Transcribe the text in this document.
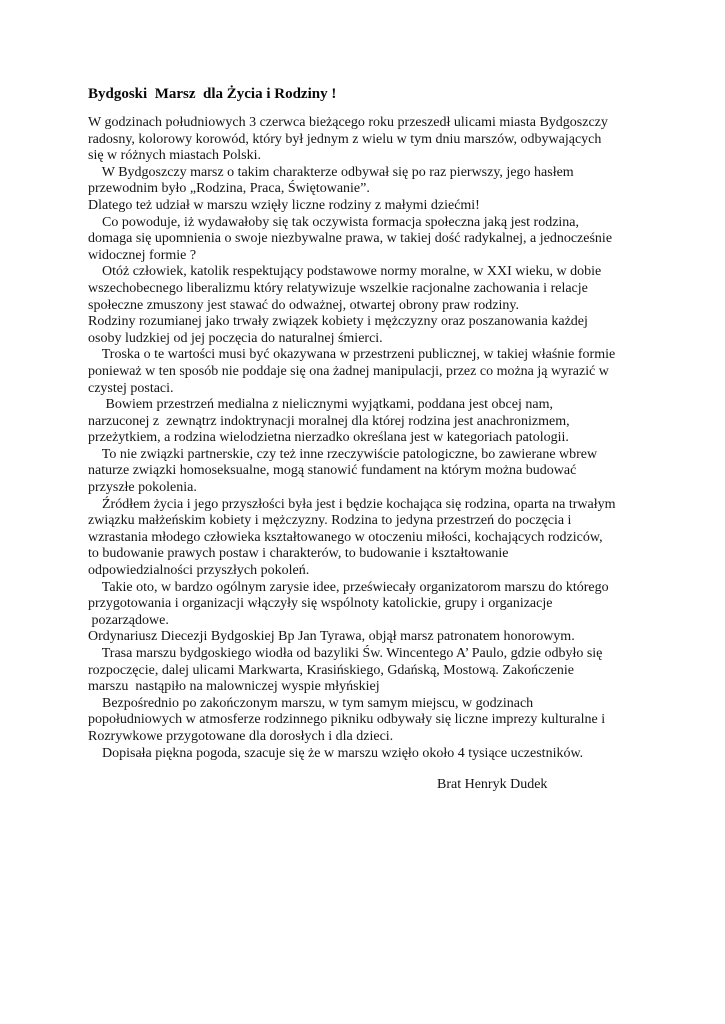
Bydgoski  Marsz  dla Życia i Rodziny !
W godzinach południowych 3 czerwca bieżącego roku przeszedł ulicami miasta Bydgoszczy
radosny, kolorowy korowód, który był jednym z wielu w tym dniu marszów, odbywających
się w różnych miastach Polski.
W Bydgoszczy marsz o takim charakterze odbywał się po raz pierwszy, jego hasłem
przewodnim było „Rodzina, Praca, Świętowanie”.
Dlatego też udział w marszu wzięły liczne rodziny z małymi dziećmi!
Co powoduje, iż wydawałoby się tak oczywista formacja społeczna jaką jest rodzina,
domaga się upomnienia o swoje niezbywalne prawa, w takiej dość radykalnej, a jednocześnie
widocznej formie ?
Otóż człowiek, katolik respektujący podstawowe normy moralne, w XXI wieku, w dobie
wszechobecnego liberalizmu który relatywizuje wszelkie racjonalne zachowania i relacje
społeczne zmuszony jest stawać do odważnej, otwartej obrony praw rodziny.
Rodziny rozumianej jako trwały związek kobiety i mężczyzny oraz poszanowania każdej
osoby ludzkiej od jej poczęcia do naturalnej śmierci.
Troska o te wartości musi być okazywana w przestrzeni publicznej, w takiej właśnie formie
ponieważ w ten sposób nie poddaje się ona żadnej manipulacji, przez co można ją wyrazić w
czystej postaci.
Bowiem przestrzeń medialna z nielicznymi wyjątkami, poddana jest obcej nam,
narzuconej z  zewnątrz indoktrynacji moralnej dla której rodzina jest anachronizmem,
przeżytkiem, a rodzina wielodzietna nierzadko określana jest w kategoriach patologii.
To nie związki partnerskie, czy też inne rzeczywiście patologiczne, bo zawierane wbrew
naturze związki homoseksualne, mogą stanowić fundament na którym można budować
przyszłe pokolenia.
Źródłem życia i jego przyszłości była jest i będzie kochająca się rodzina, oparta na trwałym
związku małżeńskim kobiety i mężczyzny. Rodzina to jedyna przestrzeń do poczęcia i
wzrastania młodego człowieka kształtowanego w otoczeniu miłości, kochających rodziców,
to budowanie prawych postaw i charakterów, to budowanie i kształtowanie
odpowiedzialności przyszłych pokoleń.
Takie oto, w bardzo ogólnym zarysie idee, przeświecały organizatorom marszu do którego
przygotowania i organizacji włączyły się wspólnoty katolickie, grupy i organizacje
pozarządowe.
Ordynariusz Diecezji Bydgoskiej Bp Jan Tyrawa, objął marsz patronatem honorowym.
Trasa marszu bydgoskiego wiodła od bazyliki Św. Wincentego A’ Paulo, gdzie odbyło się
rozpoczęcie, dalej ulicami Markwarta, Krasińskiego, Gdańską, Mostową. Zakończenie
marszu  nastąpiło na malowniczej wyspie młyńskiej
Bezpośrednio po zakończonym marszu, w tym samym miejscu, w godzinach
popołudniowych w atmosferze rodzinnego pikniku odbywały się liczne imprezy kulturalne i
Rozrywkowe przygotowane dla dorosłych i dla dzieci.
Dopisała piękna pogoda, szacuje się że w marszu wzięło około 4 tysiące uczestników.
Brat Henryk Dudek
